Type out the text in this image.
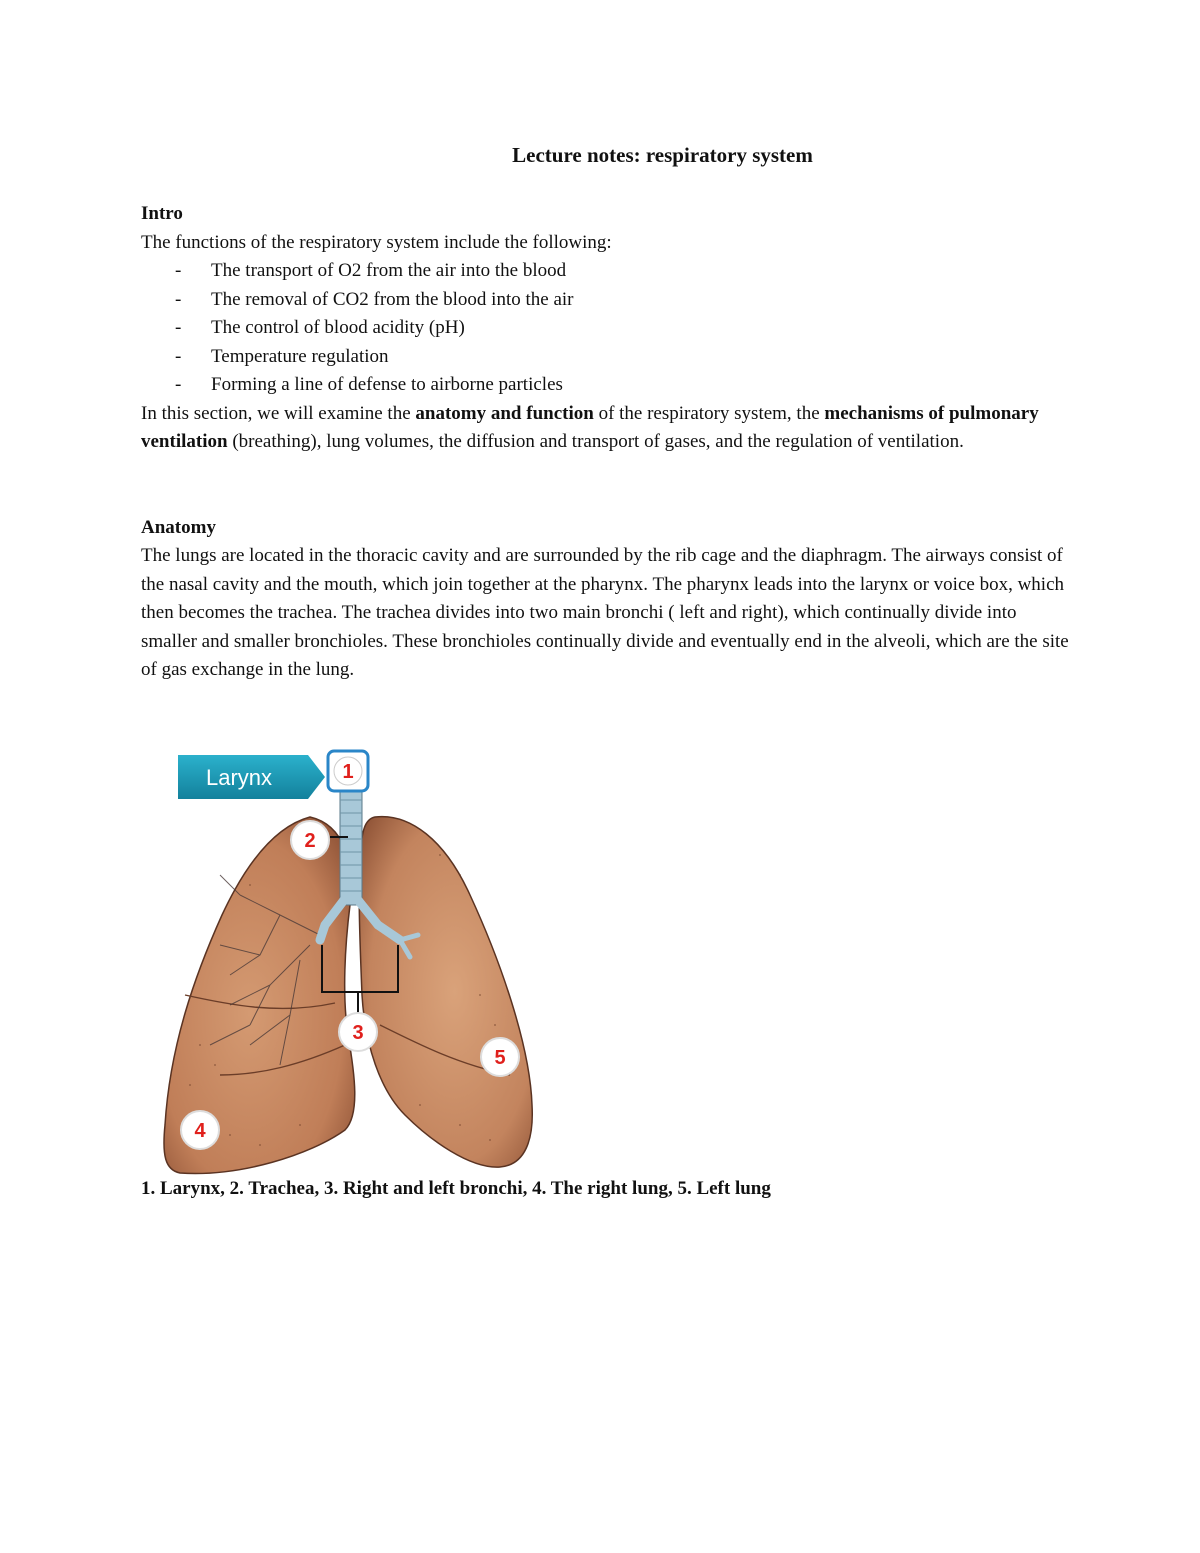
Lecture notes: respiratory system

Intro

The functions of the respiratory system include the following:

- The transport of O2 from the air into the blood
- The removal of CO2 from the blood into the air
- The control of blood acidity (pH)
- Temperature regulation
- Forming a line of defense to airborne particles

In this section, we will examine the anatomy and function of the respiratory system, the mechanisms of pulmonary ventilation (breathing), lung volumes, the diffusion and transport of gases, and the regulation of ventilation.

Anatomy

The lungs are located in the thoracic cavity and are surrounded by the rib cage and the diaphragm. The airways consist of the nasal cavity and the mouth, which join together at the pharynx. The pharynx leads into the larynx or voice box, which then becomes the trachea. The trachea divides into two main bronchi ( left and right), which continually divide into smaller and smaller bronchioles. These bronchioles continually divide and eventually end in the alveoli, which are the site of gas exchange in the lung.

Larynx	1
2
3
4
5
1. Larynx, 2. Trachea, 3. Right and left bronchi, 4. The right lung, 5. Left lung
